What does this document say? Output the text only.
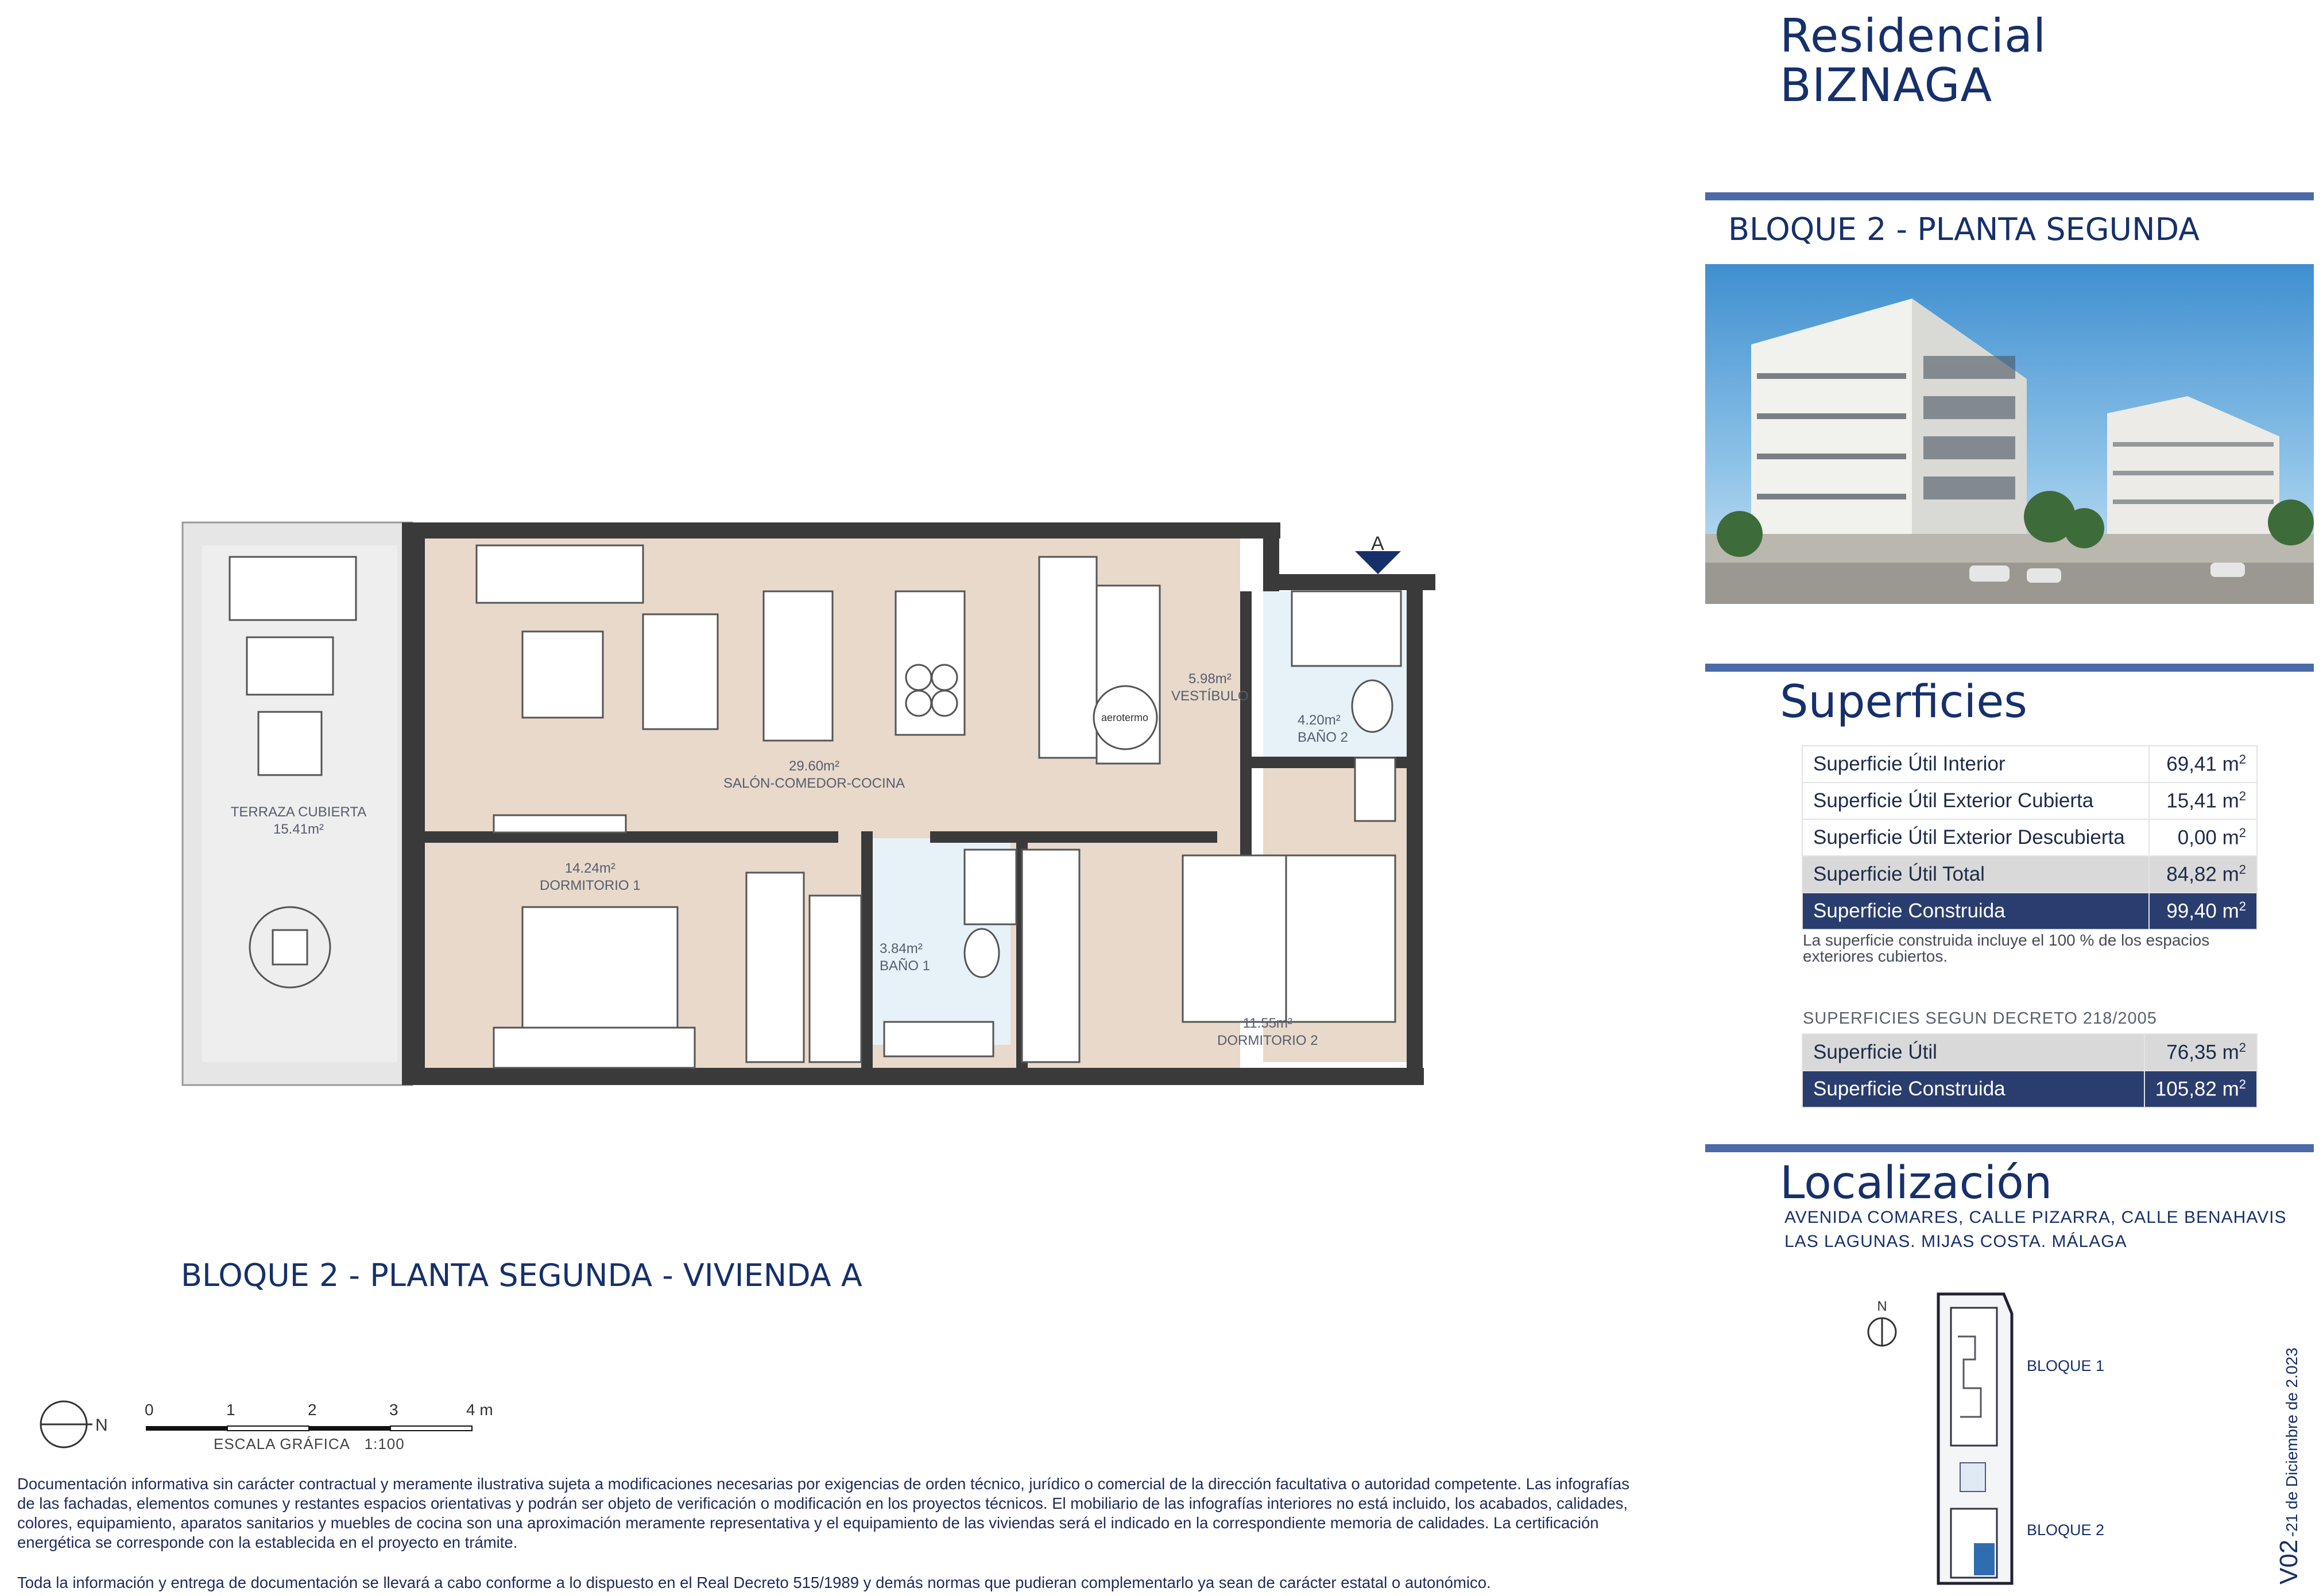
Residencial
BIZNAGA
BLOQUE 2 - PLANTA SEGUNDA
Superficies
Superficie Útil Interior	69,41 $m^2$
Superficie Útil Exterior Cubierta	15,41 $m^2$
Superficie Útil Exterior Descubierta	0,00 $m^2$
Superficie Útil Total	84,82 $m^2$
Superficie Construida	99,40 $m^2$
La superficie construida incluye el 100 % de los espacios exteriores cubiertos.
SUPERFICIES SEGUN DECRETO 218/2005
Superficie Útil	76,35 $m^2$
Superficie Construida	105,82 $m^2$
Localización
AVENIDA COMARES, CALLE PIZARRA, CALLE BENAHAVIS
LAS LAGUNAS. MIJAS COSTA. MÁLAGA
N
BLOQUE 1
BLOQUE 2
V02 -21 de Diciembre de 2.023
29.60m²
SALÓN-COMEDOR-COCINA
5.98m²
VESTÍBULO
4.20m²
BAÑO 2
14.24m²
DORMITORIO 1
3.84m²
BAÑO 1
11.55m²
DORMITORIO 2
TERRAZA CUBIERTA
15.41m²
aerotermo
A
BLOQUE 2 - PLANTA SEGUNDA - VIVIENDA A
N
0	1	2	3	4 m
ESCALA GRÁFICA 1:100
Documentación informativa sin carácter contractual y meramente ilustrativa sujeta a modificaciones necesarias por exigencias de orden técnico, jurídico o comercial de la dirección facultativa o autoridad competente. Las infografías de las fachadas, elementos comunes y restantes espacios orientativas y podrán ser objeto de verificación o modificación en los proyectos técnicos. El mobiliario de las infografías interiores no está incluido, los acabados, calidades, colores, equipamiento, aparatos sanitarios y muebles de cocina son una aproximación meramente representativa y el equipamiento de las viviendas será el indicado en la correspondiente memoria de calidades. La certificación energética se corresponde con la establecida en el proyecto en trámite.
Toda la información y entrega de documentación se llevará a cabo conforme a lo dispuesto en el Real Decreto 515/1989 y demás normas que pudieran complementarlo ya sean de carácter estatal o autonómico.
